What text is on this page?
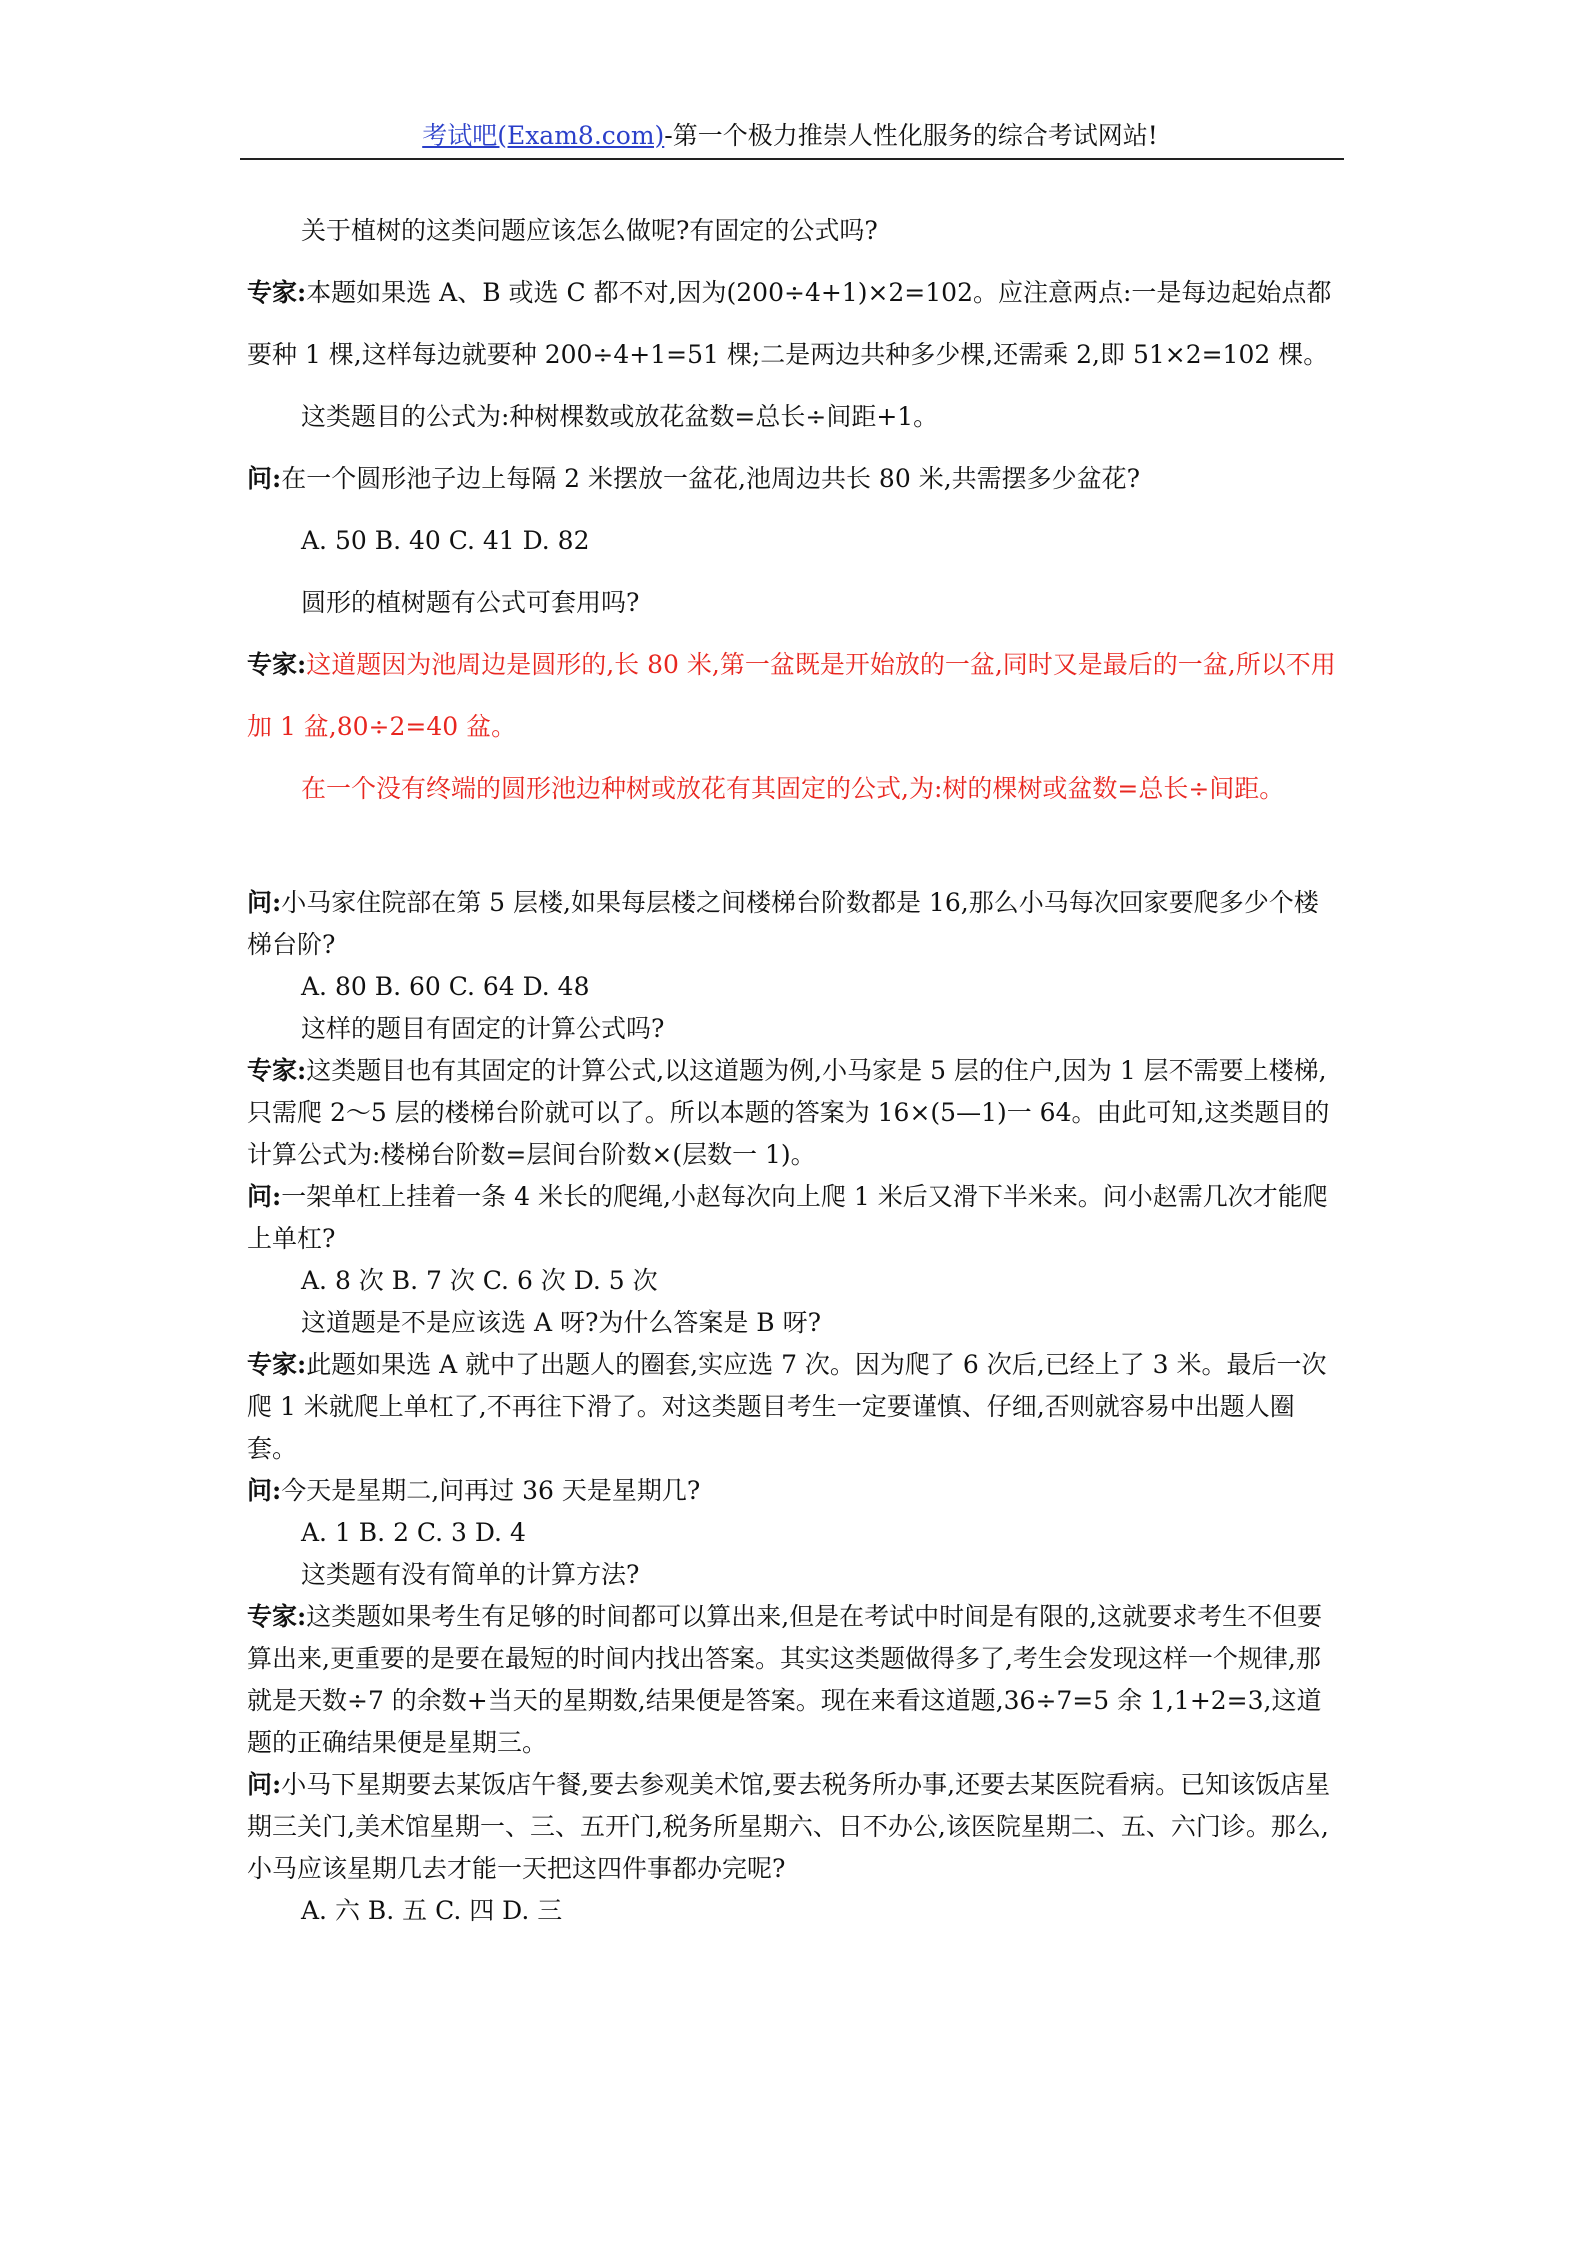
考试吧(Exam8.com)-第一个极力推崇人性化服务的综合考试网站!

关于植树的这类问题应该怎么做呢?有固定的公式吗?

专家:本题如果选 A、B 或选 C 都不对,因为(200÷4+1)×2=102。应注意两点:一是每边起始点都要种 1 棵,这样每边就要种 200÷4+1=51 棵;二是两边共种多少棵,还需乘 2,即 51×2=102 棵。

这类题目的公式为:种树棵数或放花盆数=总长÷间距+1。

问:在一个圆形池子边上每隔 2 米摆放一盆花,池周边共长 80 米,共需摆多少盆花?

A. 50 B. 40 C. 41 D. 82

圆形的植树题有公式可套用吗?

专家:这道题因为池周边是圆形的,长 80 米,第一盆既是开始放的一盆,同时又是最后的一盆,所以不用加 1 盆,80÷2=40 盆。

在一个没有终端的圆形池边种树或放花有其固定的公式,为:树的棵树或盆数=总长÷间距。

问:小马家住院部在第 5 层楼,如果每层楼之间楼梯台阶数都是 16,那么小马每次回家要爬多少个楼梯台阶?

A. 80 B. 60 C. 64 D. 48

这样的题目有固定的计算公式吗?

专家:这类题目也有其固定的计算公式,以这道题为例,小马家是 5 层的住户,因为 1 层不需要上楼梯,只需爬 2～5 层的楼梯台阶就可以了。所以本题的答案为 16×(5—1)一 64。由此可知,这类题目的计算公式为:楼梯台阶数=层间台阶数×(层数一 1)。

问:一架单杠上挂着一条 4 米长的爬绳,小赵每次向上爬 1 米后又滑下半米来。问小赵需几次才能爬上单杠?

A. 8 次 B. 7 次 C. 6 次 D. 5 次

这道题是不是应该选 A 呀?为什么答案是 B 呀?

专家:此题如果选 A 就中了出题人的圈套,实应选 7 次。因为爬了 6 次后,已经上了 3 米。最后一次爬 1 米就爬上单杠了,不再往下滑了。对这类题目考生一定要谨慎、仔细,否则就容易中出题人圈套。

问:今天是星期二,问再过 36 天是星期几?

A. 1 B. 2 C. 3 D. 4

这类题有没有简单的计算方法?

专家:这类题如果考生有足够的时间都可以算出来,但是在考试中时间是有限的,这就要求考生不但要算出来,更重要的是要在最短的时间内找出答案。其实这类题做得多了,考生会发现这样一个规律,那就是天数÷7 的余数+当天的星期数,结果便是答案。现在来看这道题,36÷7=5 余 1,1+2=3,这道题的正确结果便是星期三。

问:小马下星期要去某饭店午餐,要去参观美术馆,要去税务所办事,还要去某医院看病。已知该饭店星期三关门,美术馆星期一、三、五开门,税务所星期六、日不办公,该医院星期二、五、六门诊。那么,小马应该星期几去才能一天把这四件事都办完呢?

A. 六 B. 五 C. 四 D. 三
